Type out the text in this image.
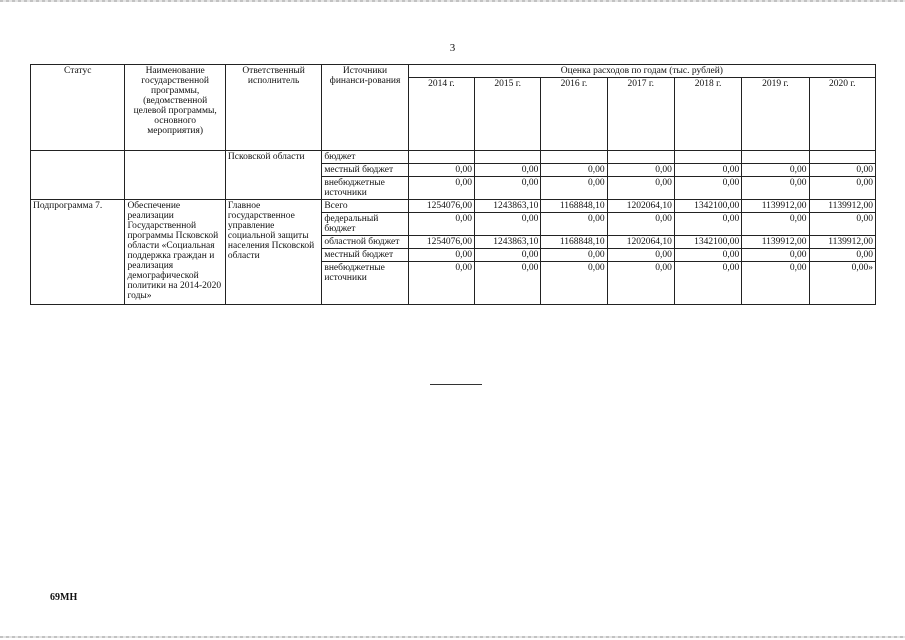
3
Статус	Наименование государственной программы, (ведомственной целевой программы, основного мероприятия)	Ответственный исполнитель	Источники финанси-рования	Оценка расходов по годам (тыс. рублей)						
				2014 г.	2015 г.	2016 г.	2017 г.	2018 г.	2019 г.	2020 г.
		Псковской области	бюджет							
			местный бюджет	0,00	0,00	0,00	0,00	0,00	0,00	0,00
			внебюджетные источники	0,00	0,00	0,00	0,00	0,00	0,00	0,00
Подпрограмма 7.	Обеспечение реализации Государственной программы Псковской области «Социальная поддержка граждан и реализация демографической политики на 2014-2020 годы»	Главное государственное управление социальной защиты населения Псковской области	Всего	1254076,00	1243863,10	1168848,10	1202064,10	1342100,00	1139912,00	1139912,00
			федеральный бюджет	0,00	0,00	0,00	0,00	0,00	0,00	0,00
			областной бюджет	1254076,00	1243863,10	1168848,10	1202064,10	1342100,00	1139912,00	1139912,00
			местный бюджет	0,00	0,00	0,00	0,00	0,00	0,00	0,00
			внебюджетные источники	0,00	0,00	0,00	0,00	0,00	0,00	0,00»
69МН
